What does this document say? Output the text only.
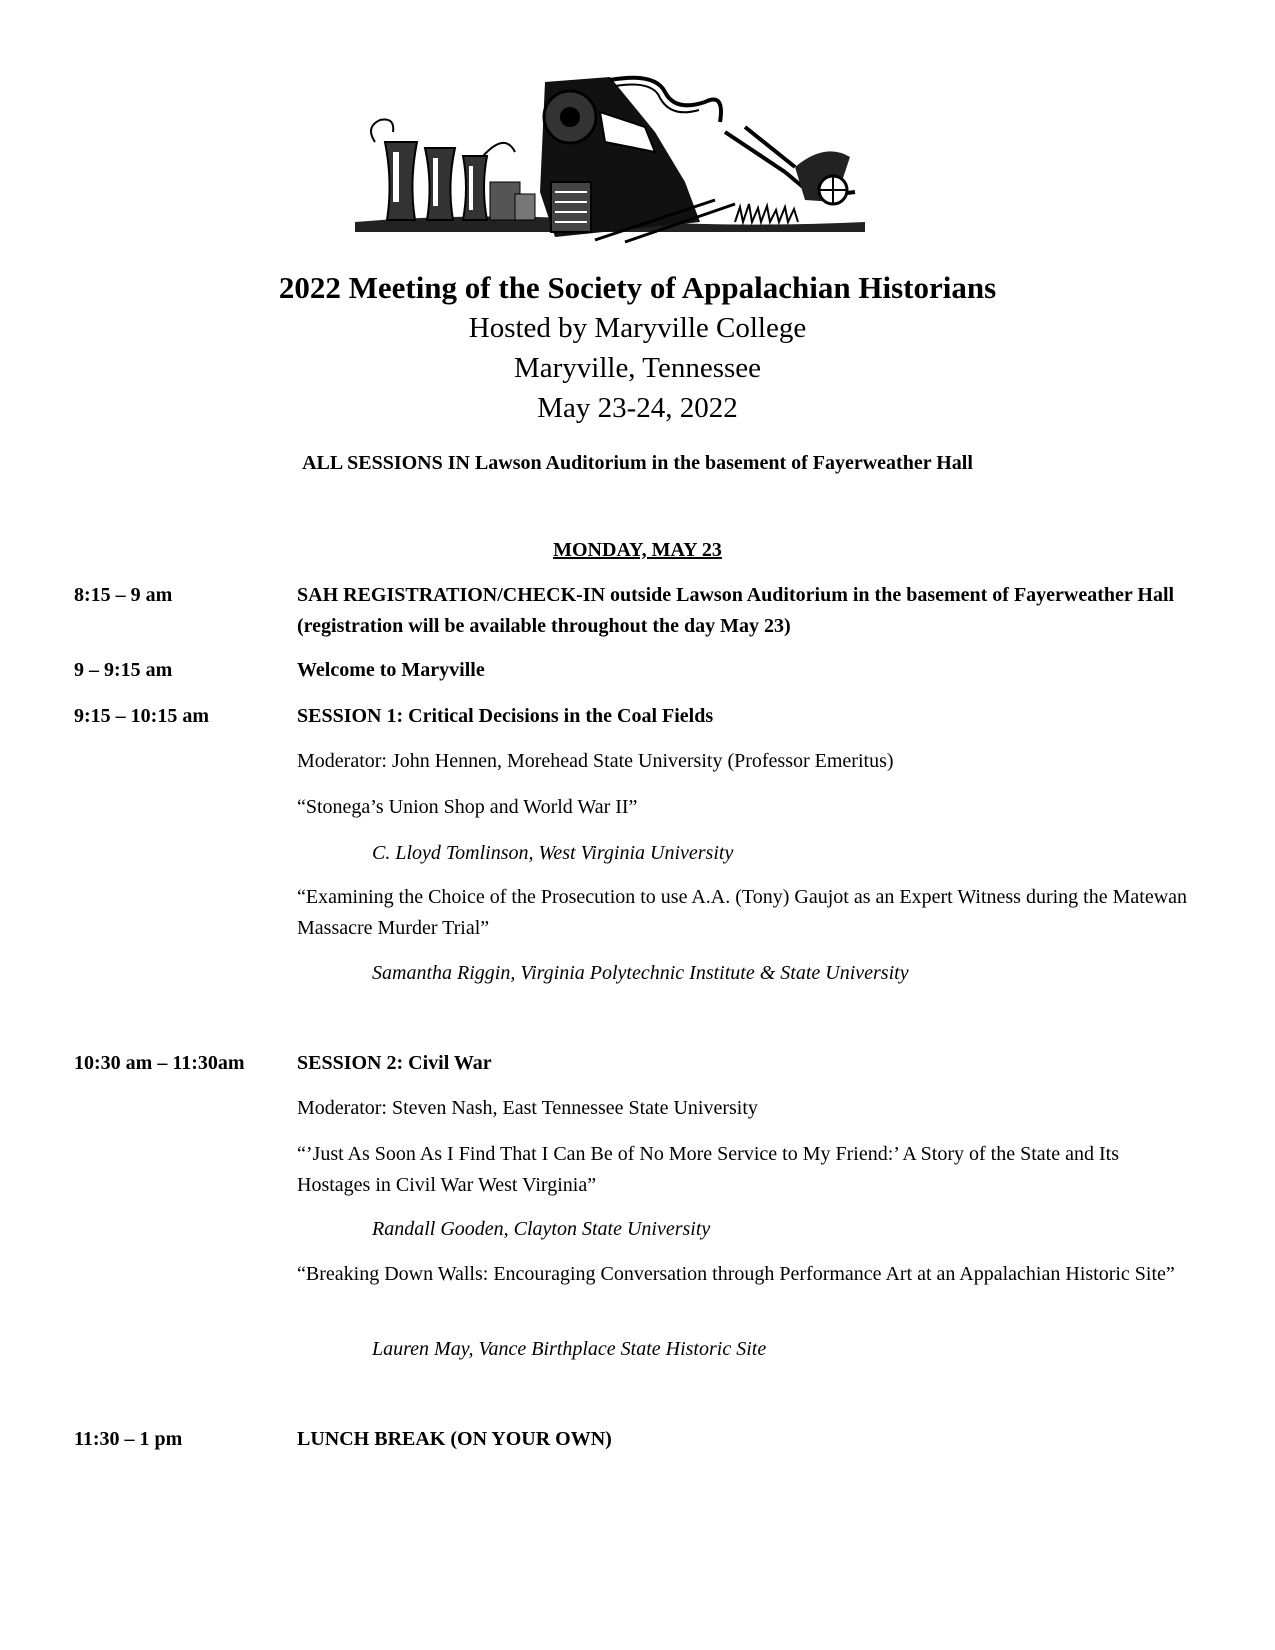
2022 Meeting of the Society of Appalachian Historians
Hosted by Maryville College
Maryville, Tennessee
May 23-24, 2022
ALL SESSIONS IN Lawson Auditorium in the basement of Fayerweather Hall
MONDAY, MAY 23
8:15 – 9 am	SAH REGISTRATION/CHECK-IN outside Lawson Auditorium in the basement of Fayerweather Hall (registration will be available throughout the day May 23)
9 – 9:15 am	Welcome to Maryville
9:15 – 10:15 am	SESSION 1: Critical Decisions in the Coal Fields
Moderator: John Hennen, Morehead State University (Professor Emeritus)
“Stonega’s Union Shop and World War II”
C. Lloyd Tomlinson, West Virginia University
“Examining the Choice of the Prosecution to use A.A. (Tony) Gaujot as an Expert Witness during the Matewan Massacre Murder Trial”
Samantha Riggin, Virginia Polytechnic Institute & State University
10:30 am – 11:30am	SESSION 2: Civil War
Moderator: Steven Nash, East Tennessee State University
“’Just As Soon As I Find That I Can Be of No More Service to My Friend:’ A Story of the State and Its Hostages in Civil War West Virginia”
Randall Gooden, Clayton State University
“Breaking Down Walls: Encouraging Conversation through Performance Art at an Appalachian Historic Site”
Lauren May, Vance Birthplace State Historic Site
11:30 – 1 pm	LUNCH BREAK (ON YOUR OWN)
